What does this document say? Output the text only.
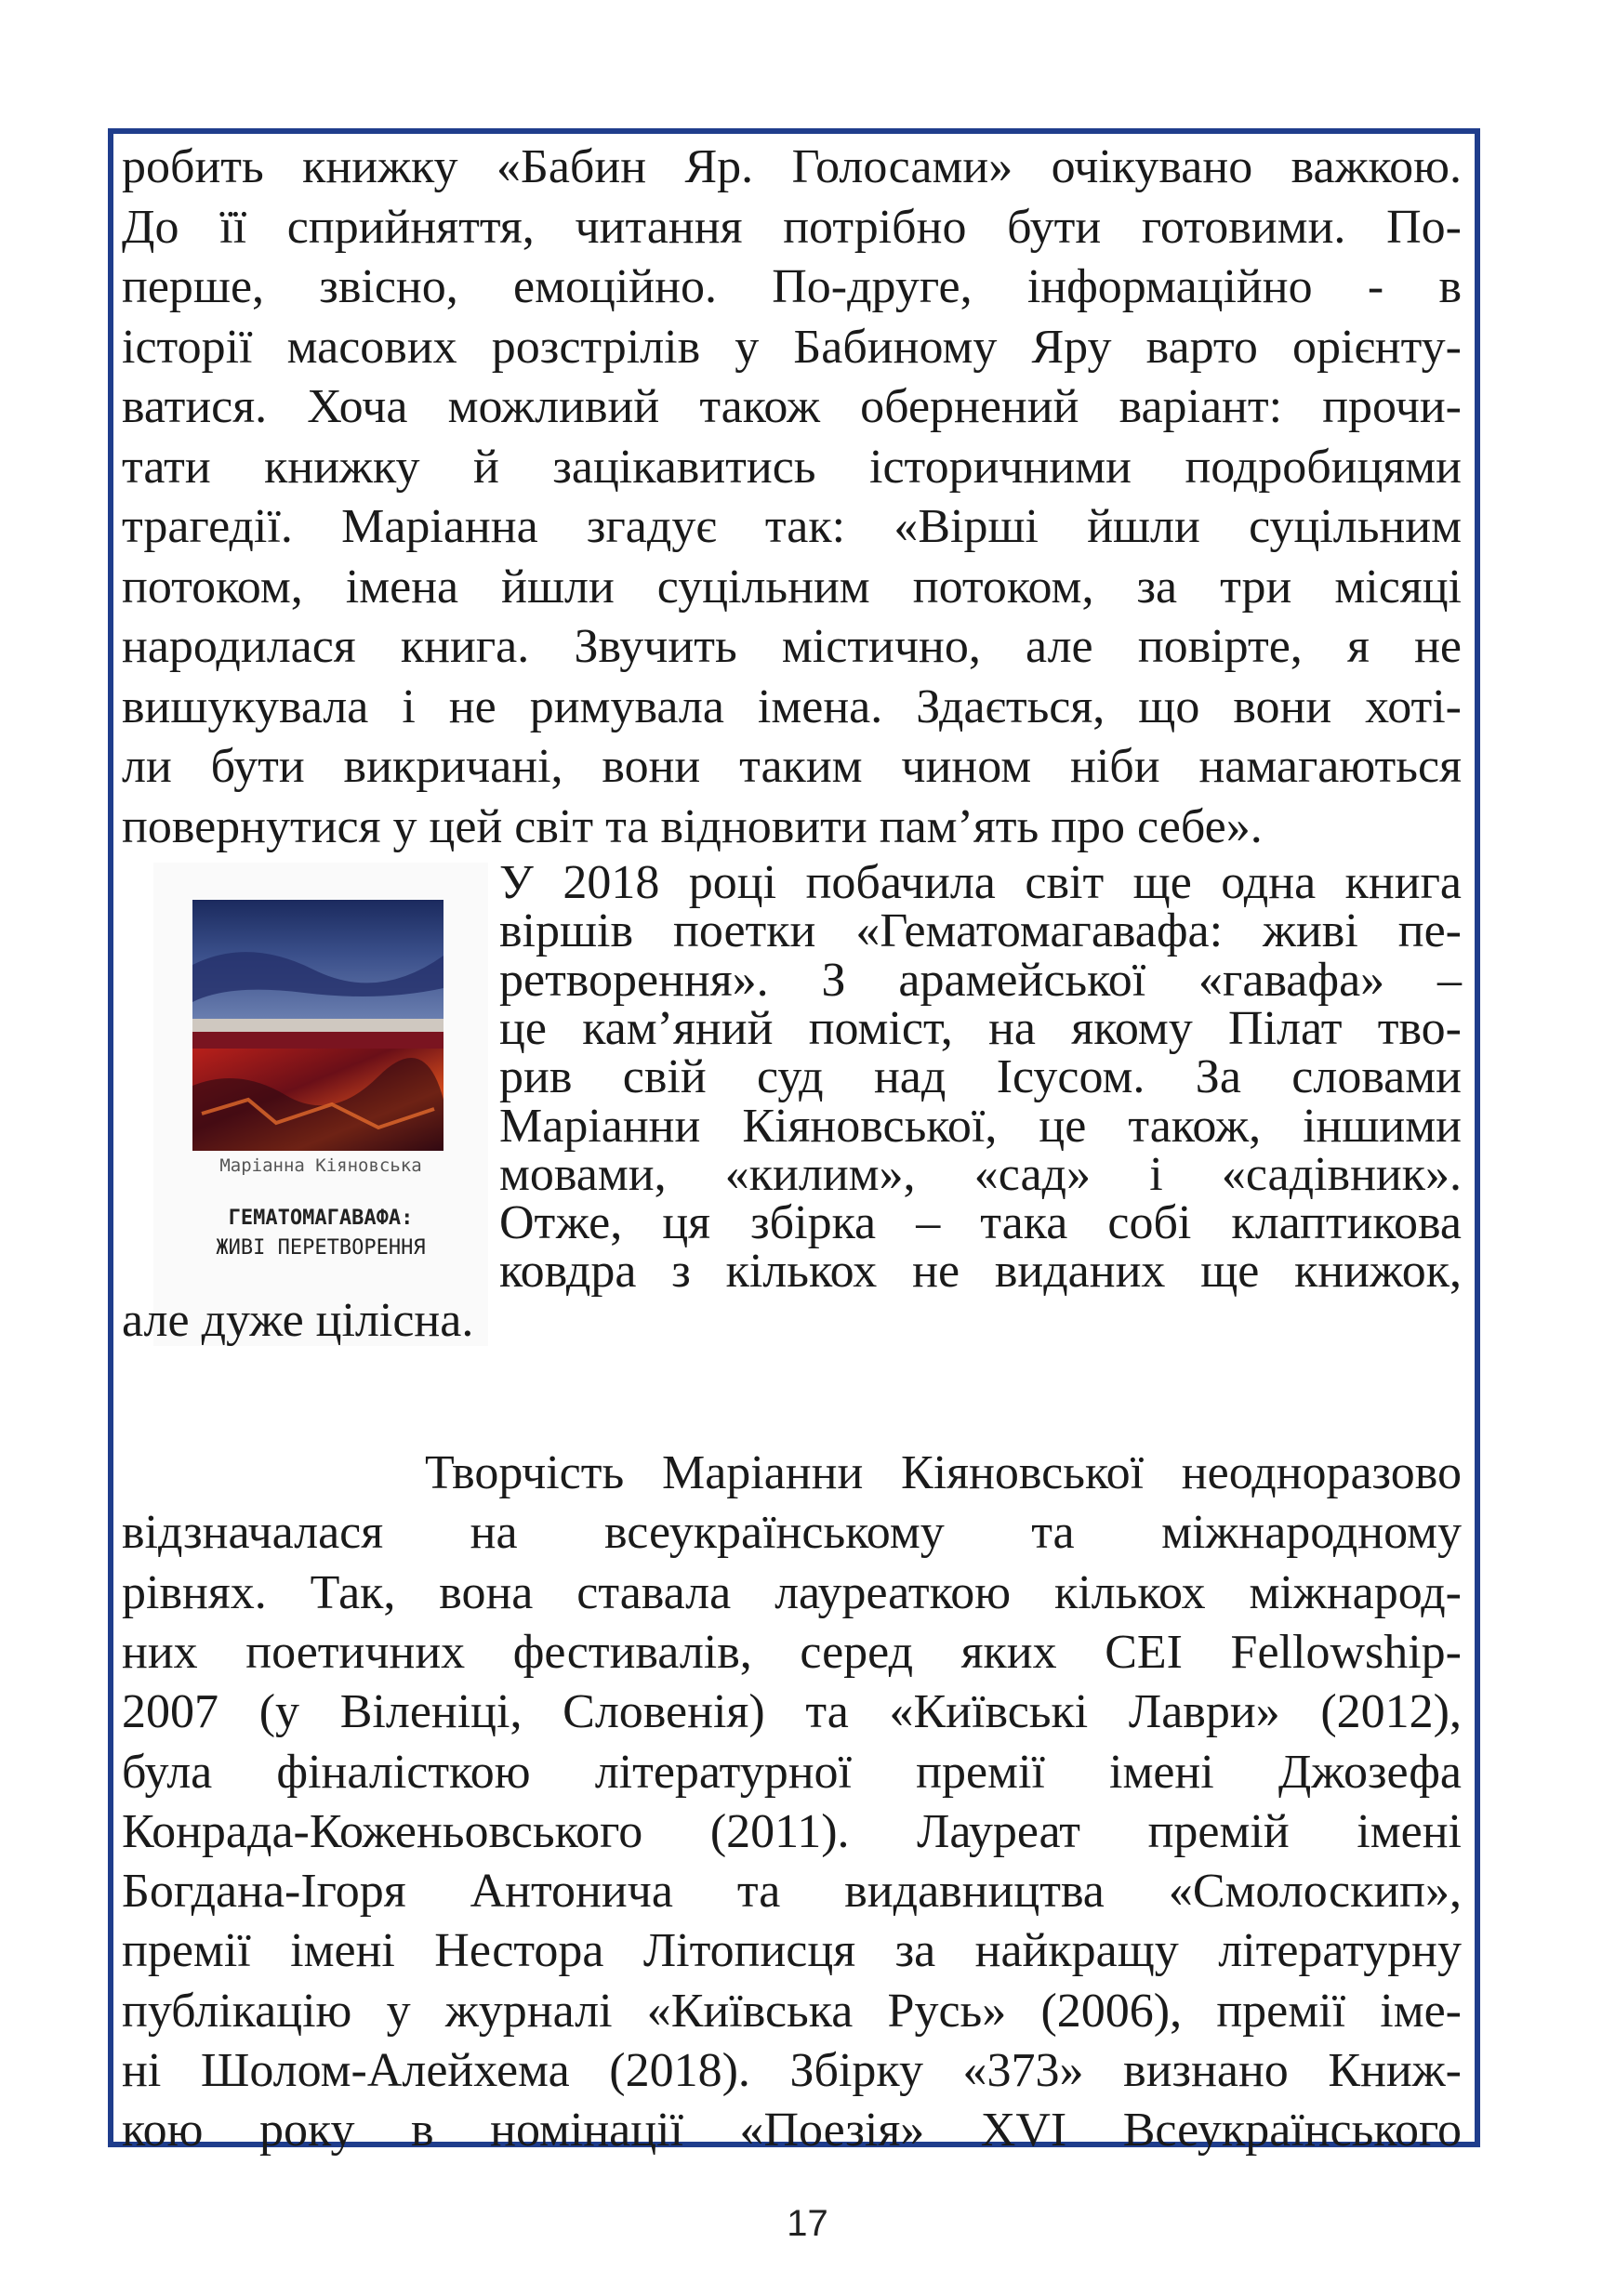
робить книжку «Бабин Яр. Голосами» очікувано важкою.
До її сприйняття, читання потрібно бути готовими. По-
перше, звісно, емоційно. По-друге, інформаційно - в
історії масових розстрілів у Бабиному Яру варто орієнту-
ватися. Хоча можливий також обернений варіант: прочи-
тати книжку й зацікавитись історичними подробицями
трагедії. Маріанна згадує так: «Вірші йшли суцільним
потоком, імена йшли суцільним потоком, за три місяці
народилася книга. Звучить містично, але повірте, я не
вишукувала і не римувала імена. Здається, що вони хоті-
ли бути викричані, вони таким чином ніби намагаються
повернутися у цей світ та відновити пам’ять про себе».
Маріанна Кіяновська
ГЕМАТОМАГАВАФА:
ЖИВІ ПЕРЕТВОРЕННЯ
У 2018 році побачила світ ще одна книга
віршів поетки «Гематомагавафа: живі пе-
ретворення». З арамейської «гавафа» –
це кам’яний поміст, на якому Пілат тво-
рив свій суд над Ісусом. За словами
Маріанни Кіяновської, це також, іншими
мовами, «килим», «сад» і «садівник».
Отже, ця збірка – така собі клаптикова
ковдра з кількох не виданих ще книжок,
але дуже цілісна.
Творчість Маріанни Кіяновської неодноразово
відзначалася на всеукраїнському та міжнародному
рівнях. Так, вона ставала лауреаткою кількох міжнарод-
них поетичних фестивалів, серед яких CEI Fellowship-
2007 (у Віленіці, Словенія) та «Київські Лаври» (2012),
була фіналісткою літературної премії імені Джозефа
Конрада-Коженьовського (2011). Лауреат премій імені
Богдана-Ігоря Антонича та видавництва «Смолоскип»,
премії імені Нестора Літописця за найкращу літературну
публікацію у журналі «Київська Русь» (2006), премії іме-
ні Шолом-Алейхема (2018). Збірку «373» визнано Книж-
кою року в номінації «Поезія» XVI Всеукраїнського
17
